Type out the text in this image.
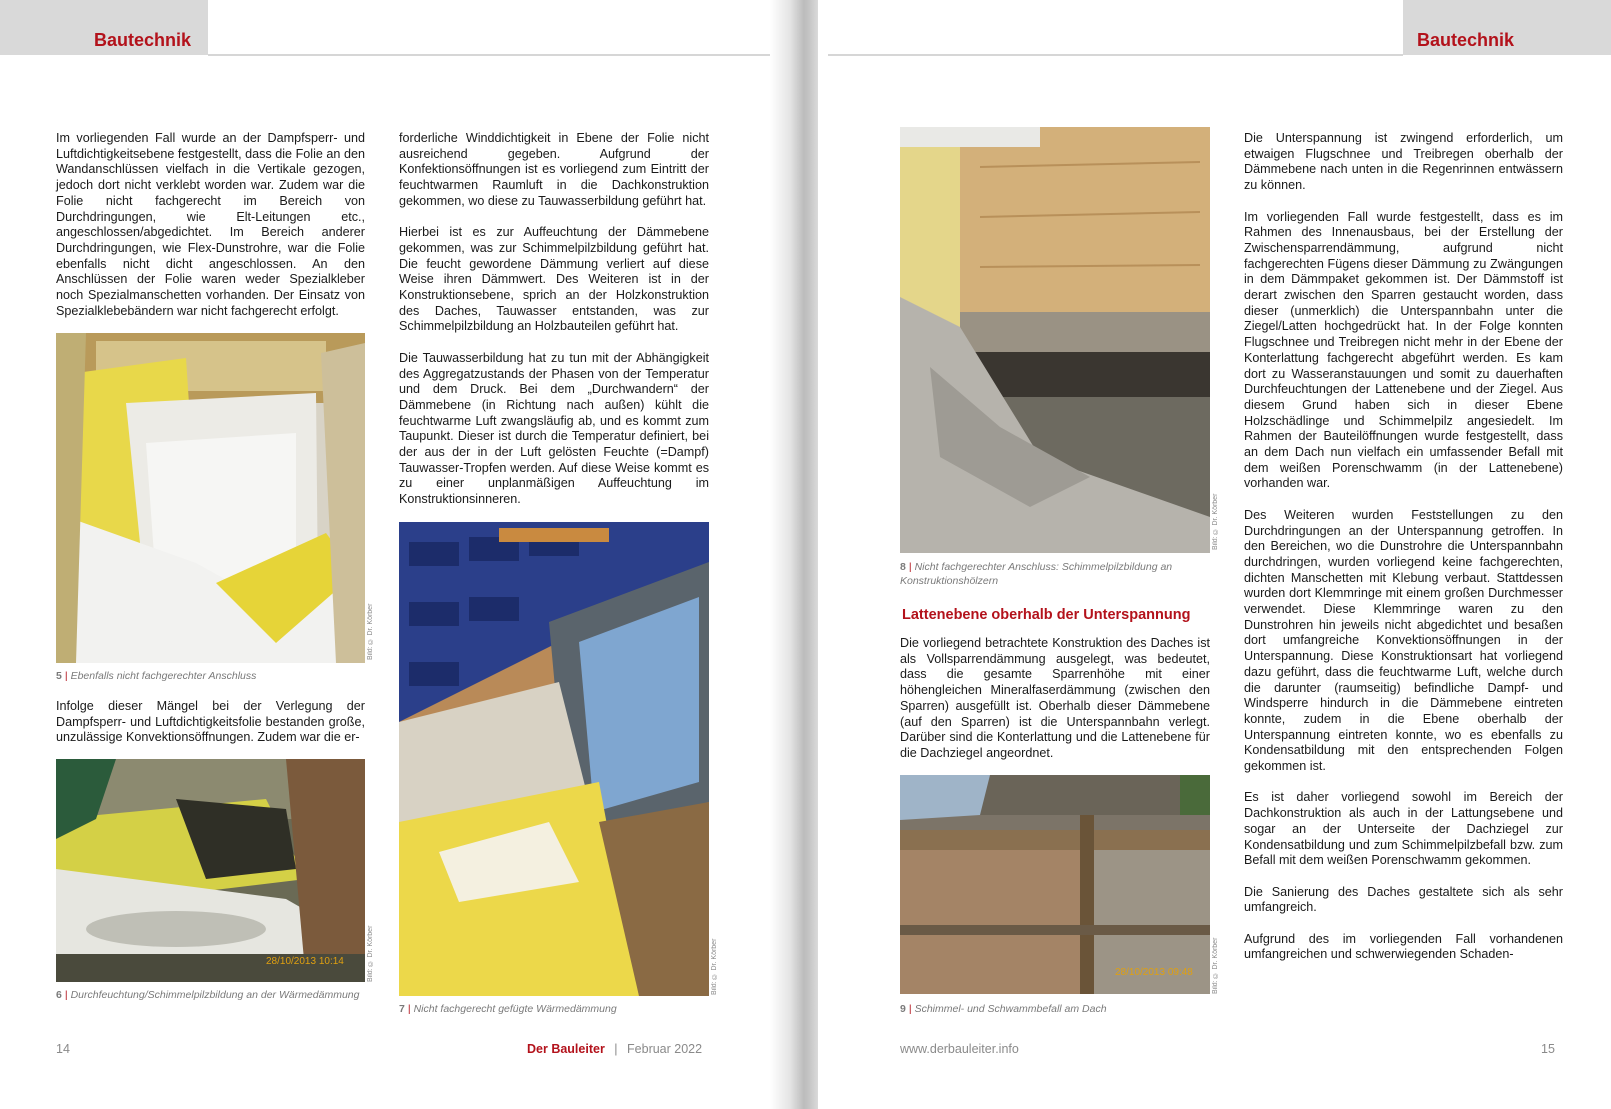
Bautechnik

Im vorliegenden Fall wurde an der Dampfsperr- und Luftdichtigkeitsebene festgestellt, dass die Folie an den Wandanschlüssen vielfach in die Vertikale gezogen, jedoch dort nicht verklebt worden war. Zudem war die Folie nicht fachgerecht im Bereich von Durchdringungen, wie Elt-Leitungen etc., angeschlossen/abgedichtet. Im Bereich anderer Durchdringungen, wie Flex-Dunstrohre, war die Folie ebenfalls nicht dicht angeschlossen. An den Anschlüssen der Folie waren weder Spezialkleber noch Spezialmanschetten vorhanden. Der Einsatz von Spezialklebebändern war nicht fachgerecht erfolgt.

Bild: © Dr. Körber
5 | Ebenfalls nicht fachgerechter Anschluss

Infolge dieser Mängel bei der Verlegung der Dampfsperr- und Luftdichtigkeitsfolie bestanden große, unzulässige Konvektionsöffnungen. Zudem war die er-

28/10/2013 10:14	Bild: © Dr. Körber
6 | Durchfeuchtung/Schimmelpilzbildung an der Wärmedämmung

forderliche Winddichtigkeit in Ebene der Folie nicht ausreichend gegeben. Aufgrund der Konfektionsöffnungen ist es vorliegend zum Eintritt der feuchtwarmen Raumluft in die Dachkonstruktion gekommen, wo diese zu Tauwasserbildung geführt hat.

Hierbei ist es zur Auffeuchtung der Dämmebene gekommen, was zur Schimmelpilzbildung geführt hat. Die feucht gewordene Dämmung verliert auf diese Weise ihren Dämmwert. Des Weiteren ist in der Konstruktionsebene, sprich an der Holzkonstruktion des Daches, Tauwasser entstanden, was zur Schimmelpilzbildung an Holzbauteilen geführt hat.

Die Tauwasserbildung hat zu tun mit der Abhängigkeit des Aggregatzustands der Phasen von der Temperatur und dem Druck. Bei dem „Durchwandern“ der Dämmebene (in Richtung nach außen) kühlt die feuchtwarme Luft zwangsläufig ab, und es kommt zum Taupunkt. Dieser ist durch die Temperatur definiert, bei der aus der in der Luft gelösten Feuchte (=Dampf) Tauwasser-Tropfen werden. Auf diese Weise kommt es zu einer unplanmäßigen Auffeuchtung im Konstruktionsinneren.

Bild: © Dr. Körber
7 | Nicht fachgerecht gefügte Wärmedämmung
14	Der Bauleiter | Februar 2022
Bautechnik
Bild: © Dr. Körber
8 | Nicht fachgerechter Anschluss: Schimmelpilzbildung an Konstruktionshölzern
Lattenebene oberhalb der Unterspannung

Die vorliegend betrachtete Konstruktion des Daches ist als Vollsparrendämmung ausgelegt, was bedeutet, dass die gesamte Sparrenhöhe mit einer höhengleichen Mineralfaserdämmung (zwischen den Sparren) ausgefüllt ist. Oberhalb dieser Dämmebene (auf den Sparren) ist die Unterspannbahn verlegt. Darüber sind die Konterlattung und die Lattenebene für die Dachziegel angeordnet.

28/10/2013 09:48	Bild: © Dr. Körber
9 | Schimmel- und Schwammbefall am Dach

Die Unterspannung ist zwingend erforderlich, um etwaigen Flugschnee und Treibregen oberhalb der Dämmebene nach unten in die Regenrinnen entwässern zu können.

Im vorliegenden Fall wurde festgestellt, dass es im Rahmen des Innenausbaus, bei der Erstellung der Zwischensparrendämmung, aufgrund nicht fachgerechten Fügens dieser Dämmung zu Zwängungen in dem Dämmpaket gekommen ist. Der Dämmstoff ist derart zwischen den Sparren gestaucht worden, dass dieser (unmerklich) die Unterspannbahn unter die Ziegel/Latten hochgedrückt hat. In der Folge konnten Flugschnee und Treibregen nicht mehr in der Ebene der Konterlattung fachgerecht abgeführt werden. Es kam dort zu Wasseranstauungen und somit zu dauerhaften Durchfeuchtungen der Lattenebene und der Ziegel. Aus diesem Grund haben sich in dieser Ebene Holzschädlinge und Schimmelpilz angesiedelt. Im Rahmen der Bauteilöffnungen wurde festgestellt, dass an dem Dach nun vielfach ein umfassender Befall mit dem weißen Porenschwamm (in der Lattenebene) vorhanden war.

Des Weiteren wurden Feststellungen zu den Durchdringungen an der Unterspannung getroffen. In den Bereichen, wo die Dunstrohre die Unterspannbahn durchdringen, wurden vorliegend keine fachgerechten, dichten Manschetten mit Klebung verbaut. Stattdessen wurden dort Klemmringe mit einem großen Durchmesser verwendet. Diese Klemmringe waren zu den Dunstrohren hin jeweils nicht abgedichtet und besaßen dort umfangreiche Konvektionsöffnungen in der Unterspannung. Diese Konstruktionsart hat vorliegend dazu geführt, dass die feuchtwarme Luft, welche durch die darunter (raumseitig) befindliche Dampf- und Windsperre hindurch in die Dämmebene eintreten konnte, zudem in die Ebene oberhalb der Unterspannung eintreten konnte, wo es ebenfalls zu Kondensatbildung mit den entsprechenden Folgen gekommen ist.

Es ist daher vorliegend sowohl im Bereich der Dachkonstruktion als auch in der Lattungsebene und sogar an der Unterseite der Dachziegel zur Kondensatbildung und zum Schimmelpilzbefall bzw. zum Befall mit dem weißen Porenschwamm gekommen.

Die Sanierung des Daches gestaltete sich als sehr umfangreich.

Aufgrund des im vorliegenden Fall vorhandenen umfangreichen und schwerwiegenden Schaden-

www.derbauleiter.info	15
